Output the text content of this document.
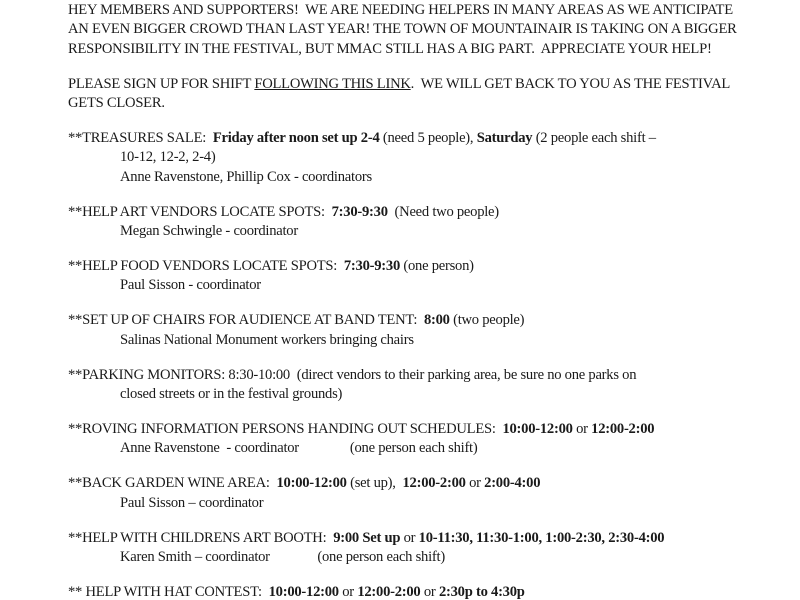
HEY MEMBERS AND SUPPORTERS!  WE ARE NEEDING HELPERS IN MANY AREAS AS WE ANTICIPATE
AN EVEN BIGGER CROWD THAN LAST YEAR! THE TOWN OF MOUNTAINAIR IS TAKING ON A BIGGER
RESPONSIBILITY IN THE FESTIVAL, BUT MMAC STILL HAS A BIG PART.  APPRECIATE YOUR HELP!
PLEASE SIGN UP FOR SHIFT FOLLOWING THIS LINK.  WE WILL GET BACK TO YOU AS THE FESTIVAL
GETS CLOSER.
**TREASURES SALE:  Friday after noon set up 2-4 (need 5 people), Saturday (2 people each shift –
10-12, 12-2, 2-4)
Anne Ravenstone, Phillip Cox - coordinators
**HELP ART VENDORS LOCATE SPOTS:  7:30-9:30  (Need two people)
Megan Schwingle - coordinator
**HELP FOOD VENDORS LOCATE SPOTS:  7:30-9:30 (one person)
Paul Sisson - coordinator
**SET UP OF CHAIRS FOR AUDIENCE AT BAND TENT:  8:00 (two people)
Salinas National Monument workers bringing chairs
**PARKING MONITORS: 8:30-10:00  (direct vendors to their parking area, be sure no one parks on
closed streets or in the festival grounds)
**ROVING INFORMATION PERSONS HANDING OUT SCHEDULES:  10:00-12:00 or 12:00-2:00
Anne Ravenstone  - coordinator               (one person each shift)
**BACK GARDEN WINE AREA:  10:00-12:00 (set up),  12:00-2:00 or 2:00-4:00
Paul Sisson – coordinator
**HELP WITH CHILDRENS ART BOOTH:  9:00 Set up or 10-11:30, 11:30-1:00, 1:00-2:30, 2:30-4:00
Karen Smith – coordinator              (one person each shift)
** HELP WITH HAT CONTEST:  10:00-12:00 or 12:00-2:00 or 2:30p to 4:30p
